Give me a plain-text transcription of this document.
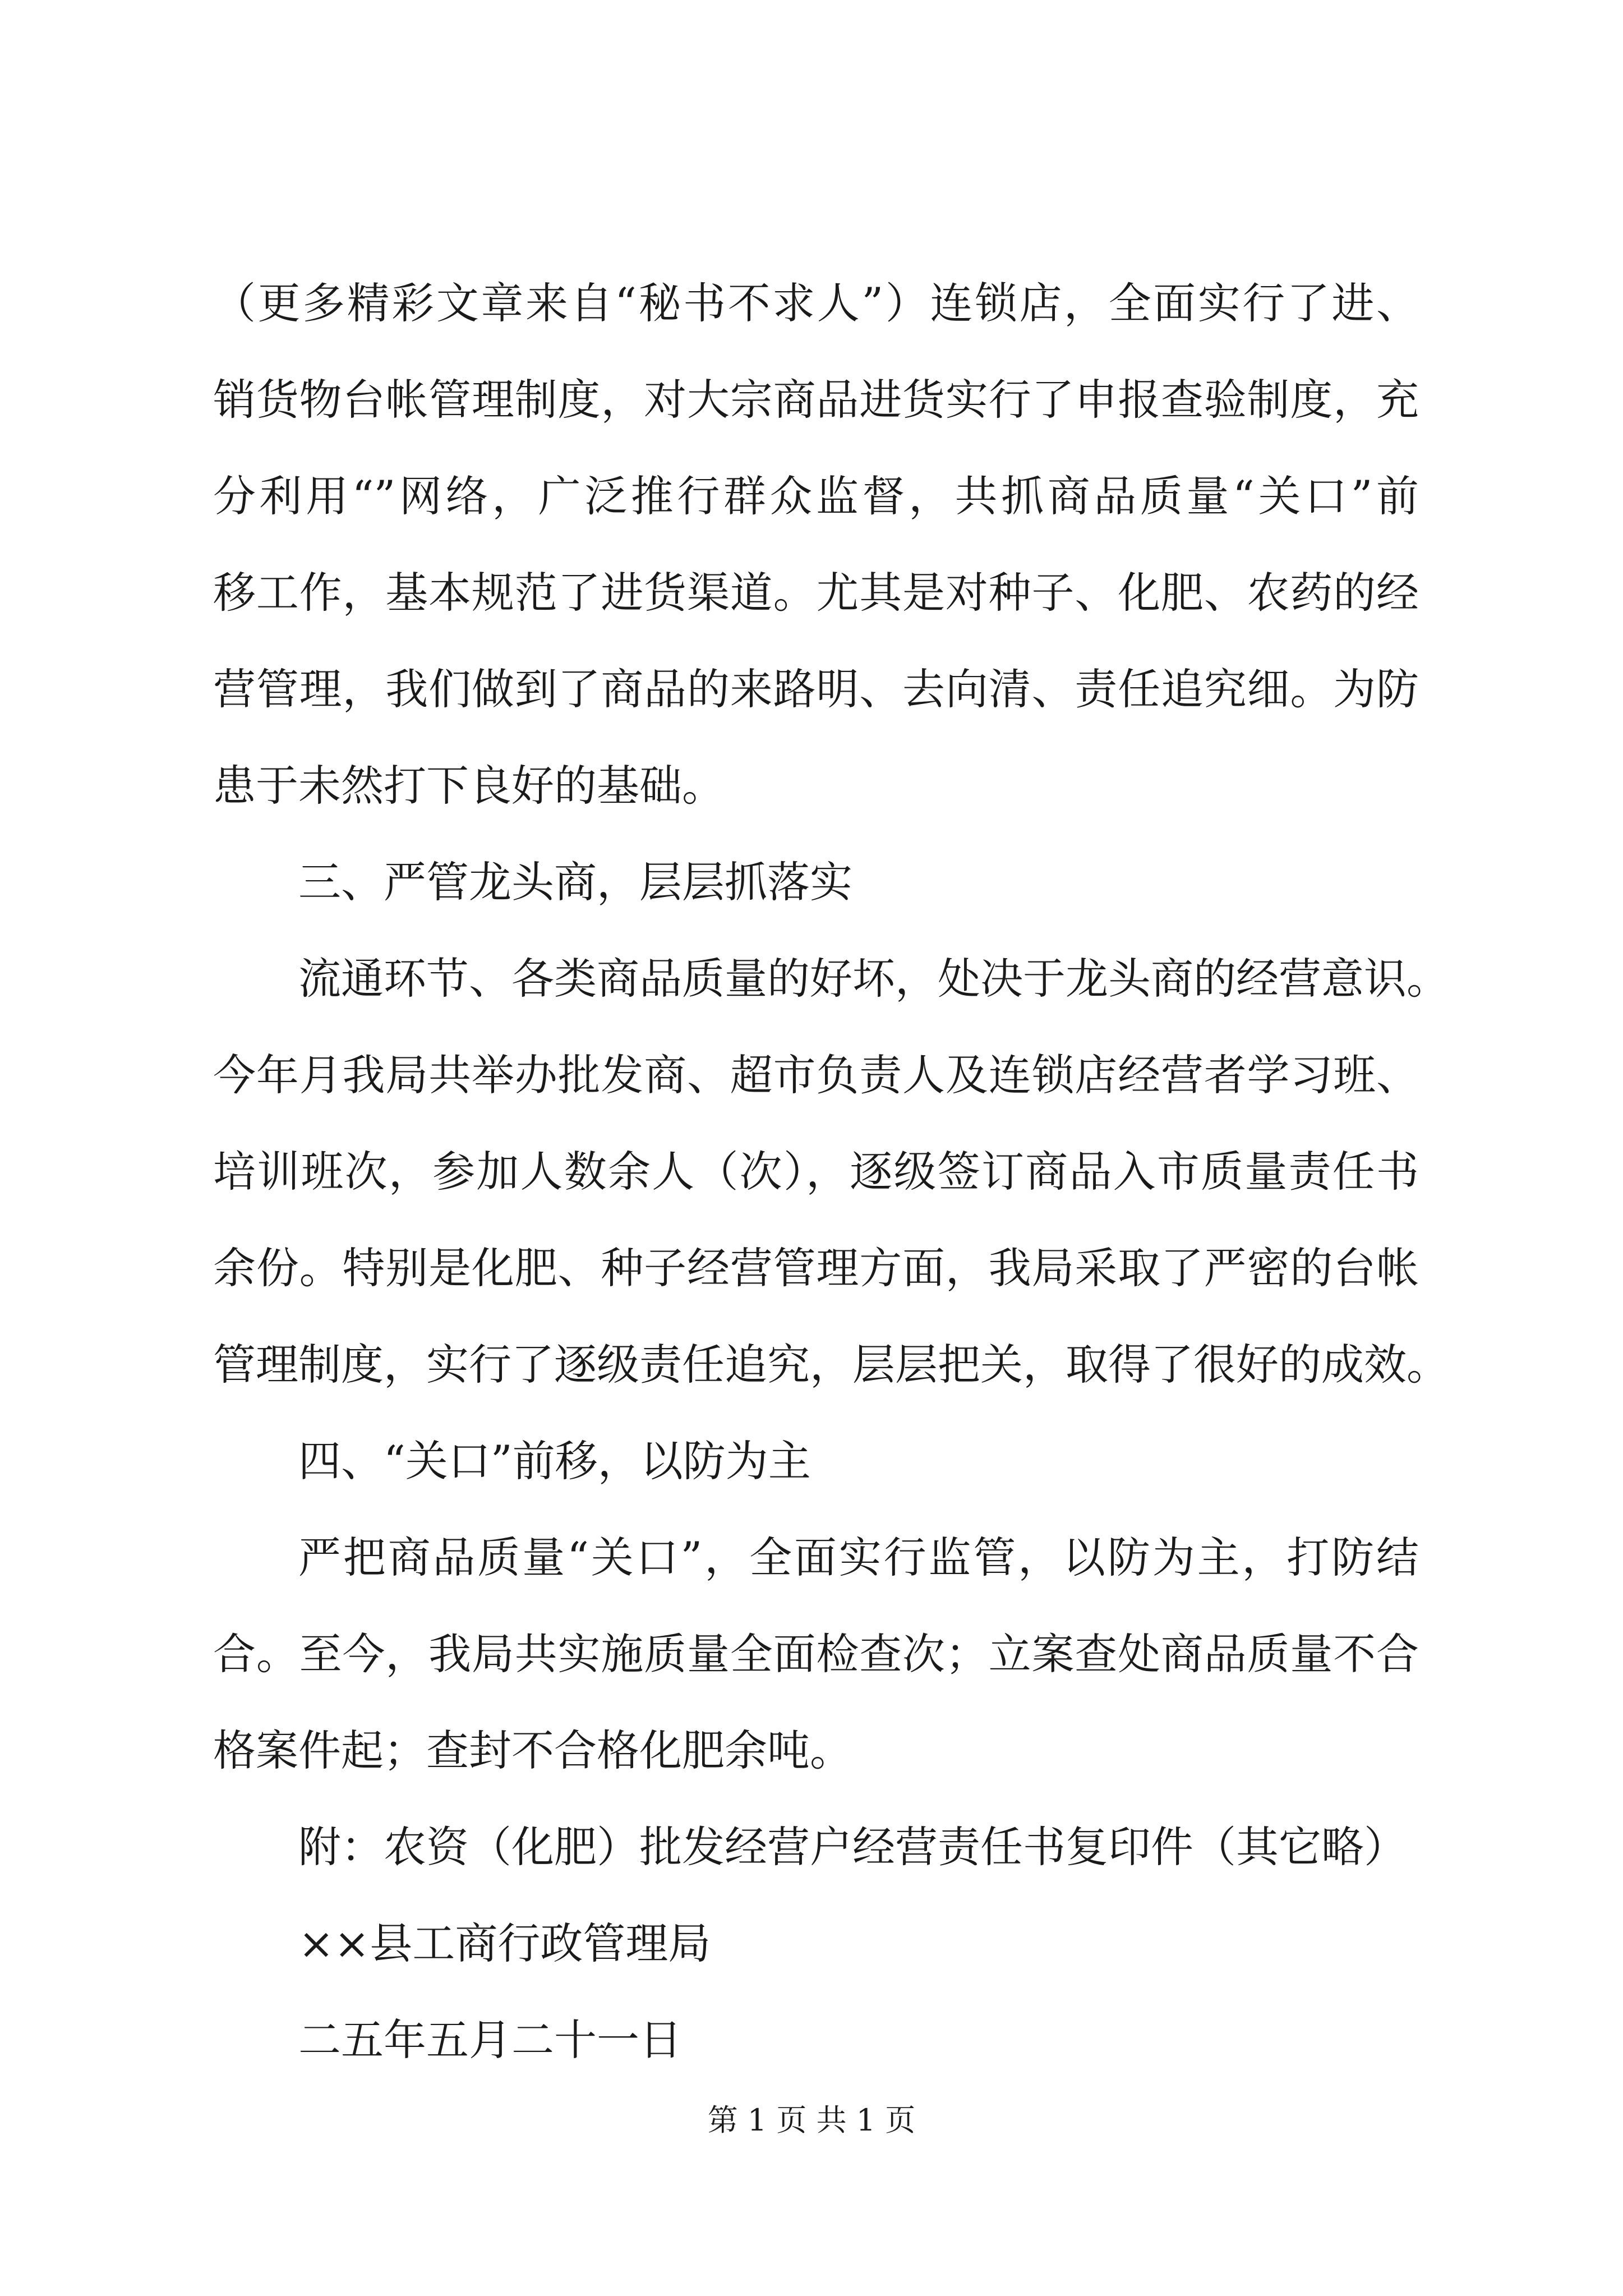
（更多精彩文章来自“秘书不求人”）连锁店，全面实行了进、
销货物台帐管理制度，对大宗商品进货实行了申报查验制度，充
分利用“”网络，广泛推行群众监督，共抓商品质量“关口”前
移工作，基本规范了进货渠道。尤其是对种子、化肥、农药的经
营管理，我们做到了商品的来路明、去向清、责任追究细。为防
患于未然打下良好的基础。
三、严管龙头商，层层抓落实
流通环节、各类商品质量的好坏，处决于龙头商的经营意识。
今年月我局共举办批发商、超市负责人及连锁店经营者学习班、
培训班次，参加人数余人（次），逐级签订商品入市质量责任书
余份。特别是化肥、种子经营管理方面，我局采取了严密的台帐
管理制度，实行了逐级责任追究，层层把关，取得了很好的成效。
四、“关口”前移，以防为主
严把商品质量“关口”，全面实行监管，以防为主，打防结
合。至今，我局共实施质量全面检查次；立案查处商品质量不合
格案件起；查封不合格化肥余吨。
附：农资（化肥）批发经营户经营责任书复印件（其它略）
××县工商行政管理局
二五年五月二十一日
第 1 页 共 1 页
